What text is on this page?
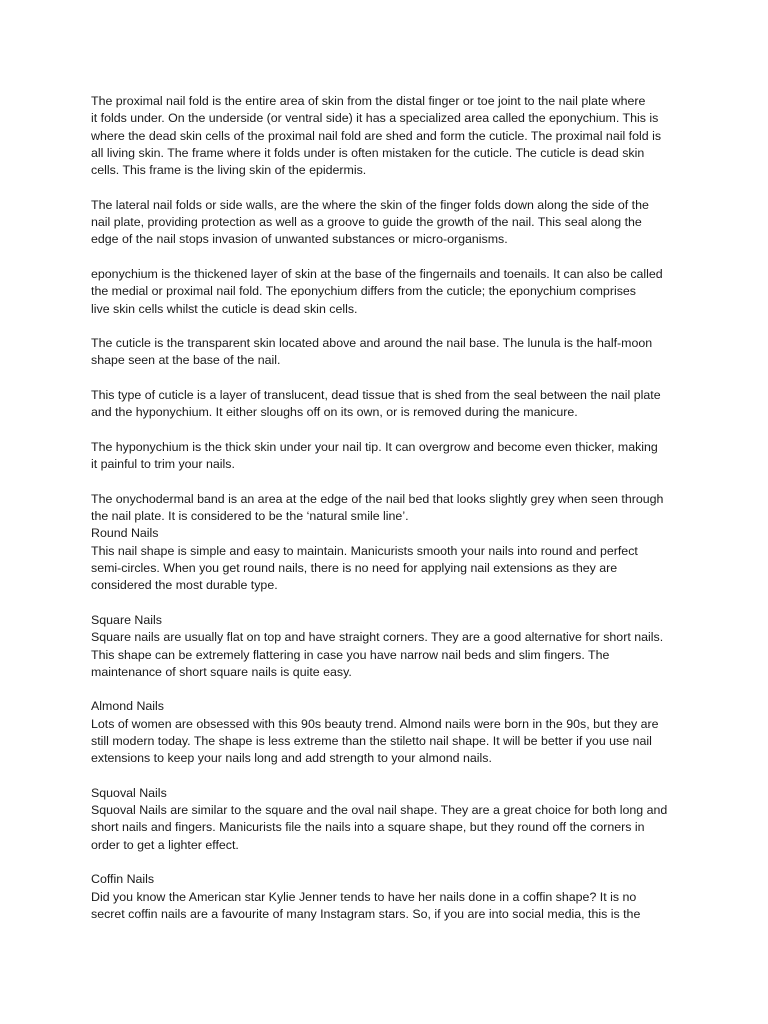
The proximal nail fold is the entire area of skin from the distal finger or toe joint to the nail plate where
it folds under. On the underside (or ventral side) it has a specialized area called the eponychium. This is
where the dead skin cells of the proximal nail fold are shed and form the cuticle. The proximal nail fold is
all living skin. The frame where it folds under is often mistaken for the cuticle. The cuticle is dead skin
cells. This frame is the living skin of the epidermis.

The lateral nail folds or side walls, are the where the skin of the finger folds down along the side of the
nail plate, providing protection as well as a groove to guide the growth of the nail. This seal along the
edge of the nail stops invasion of unwanted substances or micro-organisms.

eponychium is the thickened layer of skin at the base of the fingernails and toenails. It can also be called
the medial or proximal nail fold. The eponychium differs from the cuticle; the eponychium comprises
live skin cells whilst the cuticle is dead skin cells.

The cuticle is the transparent skin located above and around the nail base. The lunula is the half-moon
shape seen at the base of the nail.

This type of cuticle is a layer of translucent, dead tissue that is shed from the seal between the nail plate
and the hyponychium. It either sloughs off on its own, or is removed during the manicure.

The hyponychium is the thick skin under your nail tip. It can overgrow and become even thicker, making
it painful to trim your nails.

The onychodermal band is an area at the edge of the nail bed that looks slightly grey when seen through
the nail plate. It is considered to be the ‘natural smile line’.

Round Nails
This nail shape is simple and easy to maintain. Manicurists smooth your nails into round and perfect
semi-circles. When you get round nails, there is no need for applying nail extensions as they are
considered the most durable type.
Square Nails
Square nails are usually flat on top and have straight corners. They are a good alternative for short nails.
This shape can be extremely flattering in case you have narrow nail beds and slim fingers. The
maintenance of short square nails is quite easy.
Almond Nails
Lots of women are obsessed with this 90s beauty trend. Almond nails were born in the 90s, but they are
still modern today. The shape is less extreme than the stiletto nail shape. It will be better if you use nail
extensions to keep your nails long and add strength to your almond nails.
Squoval Nails
Squoval Nails are similar to the square and the oval nail shape. They are a great choice for both long and
short nails and fingers. Manicurists file the nails into a square shape, but they round off the corners in
order to get a lighter effect.
Coffin Nails
Did you know the American star Kylie Jenner tends to have her nails done in a coffin shape? It is no
secret coffin nails are a favourite of many Instagram stars. So, if you are into social media, this is the
